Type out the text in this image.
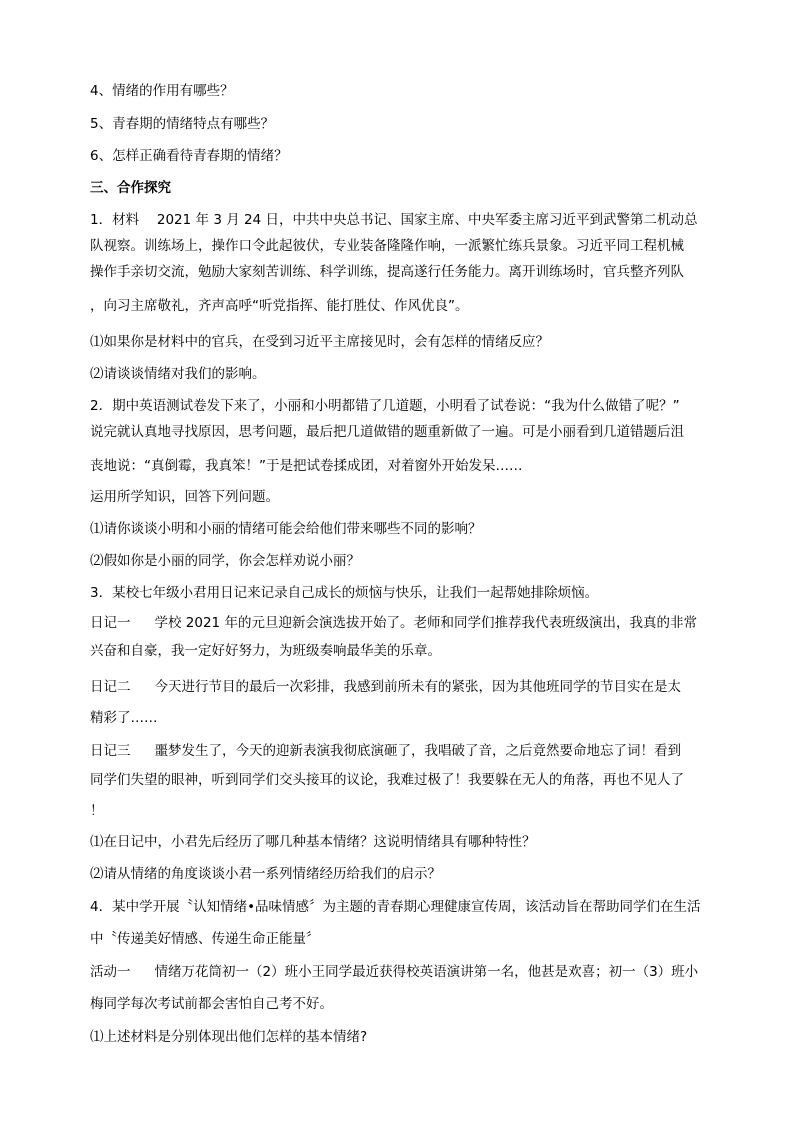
4、情绪的作用有哪些？
5、青春期的情绪特点有哪些？
6、怎样正确看待青春期的情绪？
三、合作探究
1．材料　 2021 年 3 月 24 日，中共中央总书记、国家主席、中央军委主席习近平到武警第二机动总
队视察。训练场上，操作口令此起彼伏，专业装备隆隆作响，一派繁忙练兵景象。习近平同工程机械
操作手亲切交流，勉励大家刻苦训练、科学训练，提高遂行任务能力。离开训练场时，官兵整齐列队
，向习主席敬礼，齐声高呼“听党指挥、能打胜仗、作风优良”。
⑴如果你是材料中的官兵，在受到习近平主席接见时，会有怎样的情绪反应？
⑵请谈谈情绪对我们的影响。
2．期中英语测试卷发下来了，小丽和小明都错了几道题，小明看了试卷说：“我为什么做错了呢？”
说完就认真地寻找原因，思考问题，最后把几道做错的题重新做了一遍。可是小丽看到几道错题后沮
丧地说：“真倒霉，我真笨！”于是把试卷揉成团，对着窗外开始发呆……
运用所学知识，回答下列问题。
⑴请你谈谈小明和小丽的情绪可能会给他们带来哪些不同的影响？
⑵假如你是小丽的同学，你会怎样劝说小丽？
3．某校七年级小君用日记来记录自己成长的烦恼与快乐，让我们一起帮她排除烦恼。
日记一 学校 2021 年的元旦迎新会演选拔开始了。老师和同学们推荐我代表班级演出，我真的非常
兴奋和自豪，我一定好好努力，为班级奏响最华美的乐章。
日记二 今天进行节目的最后一次彩排，我感到前所未有的紧张，因为其他班同学的节目实在是太
精彩了……
日记三 噩梦发生了，今天的迎新表演我彻底演砸了，我唱破了音，之后竟然要命地忘了词！看到
同学们失望的眼神，听到同学们交头接耳的议论，我难过极了！我要躲在无人的角落，再也不见人了
！
⑴在日记中，小君先后经历了哪几种基本情绪？这说明情绪具有哪种特性？
⑵请从情绪的角度谈谈小君一系列情绪经历给我们的启示？
4．某中学开展〝认知情绪•品味情感〞为主题的青春期心理健康宣传周，该活动旨在帮助同学们在生活
中〝传递美好情感、传递生命正能量〞
活动一 情绪万花筒初一（2）班小王同学最近获得校英语演讲第一名，他甚是欢喜；初一（3）班小
梅同学每次考试前都会害怕自己考不好。
⑴上述材料是分别体现出他们怎样的基本情绪?
